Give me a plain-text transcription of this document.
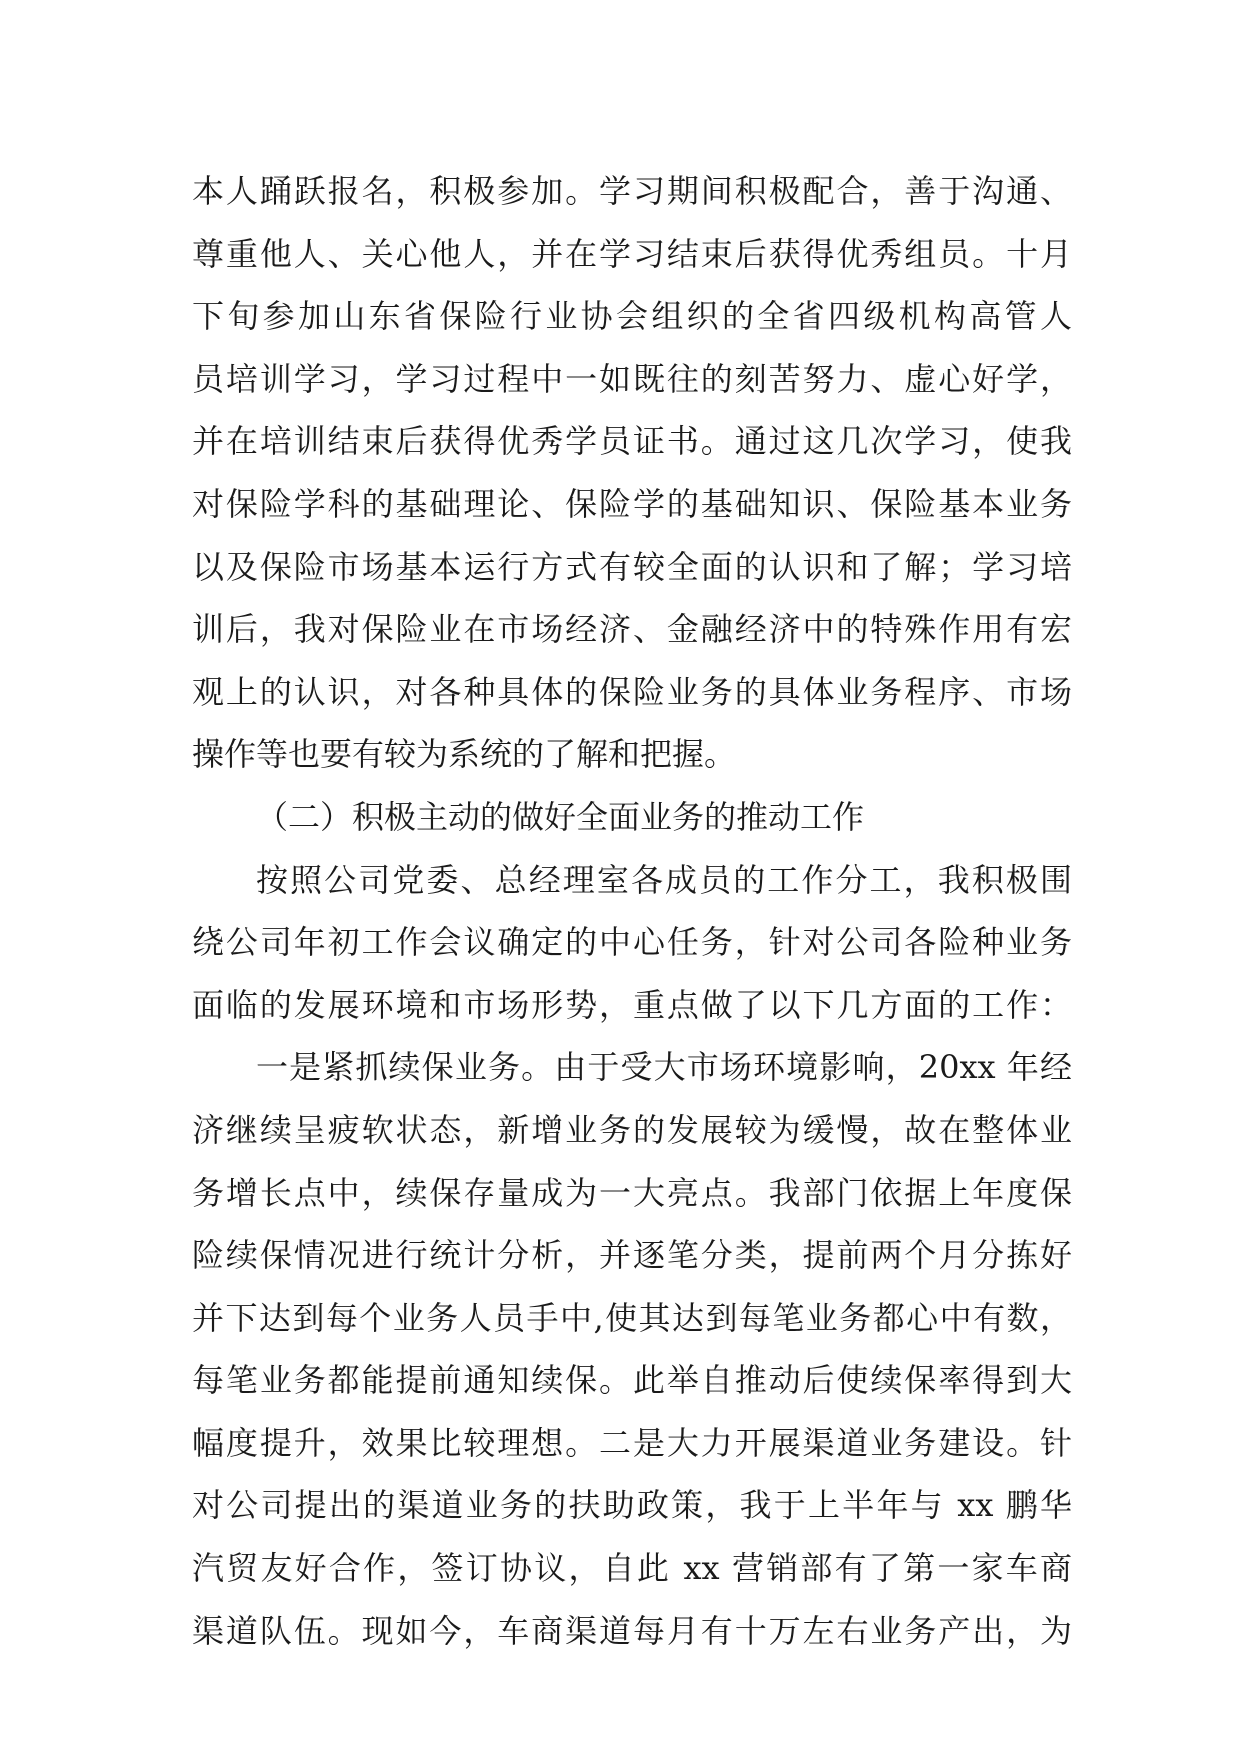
本人踊跃报名，积极参加。学习期间积极配合，善于沟通、
尊重他人、关心他人，并在学习结束后获得优秀组员。十月
下旬参加山东省保险行业协会组织的全省四级机构高管人
员培训学习，学习过程中一如既往的刻苦努力、虚心好学，
并在培训结束后获得优秀学员证书。通过这几次学习，使我
对保险学科的基础理论、保险学的基础知识、保险基本业务
以及保险市场基本运行方式有较全面的认识和了解；学习培
训后，我对保险业在市场经济、金融经济中的特殊作用有宏
观上的认识，对各种具体的保险业务的具体业务程序、市场
操作等也要有较为系统的了解和把握。
（二）积极主动的做好全面业务的推动工作
按照公司党委、总经理室各成员的工作分工，我积极围
绕公司年初工作会议确定的中心任务，针对公司各险种业务
面临的发展环境和市场形势，重点做了以下几方面的工作：
一是紧抓续保业务。由于受大市场环境影响，20xx 年经
济继续呈疲软状态，新增业务的发展较为缓慢，故在整体业
务增长点中，续保存量成为一大亮点。我部门依据上年度保
险续保情况进行统计分析，并逐笔分类，提前两个月分拣好
并下达到每个业务人员手中,使其达到每笔业务都心中有数，
每笔业务都能提前通知续保。此举自推动后使续保率得到大
幅度提升，效果比较理想。二是大力开展渠道业务建设。针
对公司提出的渠道业务的扶助政策，我于上半年与 xx 鹏华
汽贸友好合作，签订协议，自此 xx 营销部有了第一家车商
渠道队伍。现如今，车商渠道每月有十万左右业务产出，为
